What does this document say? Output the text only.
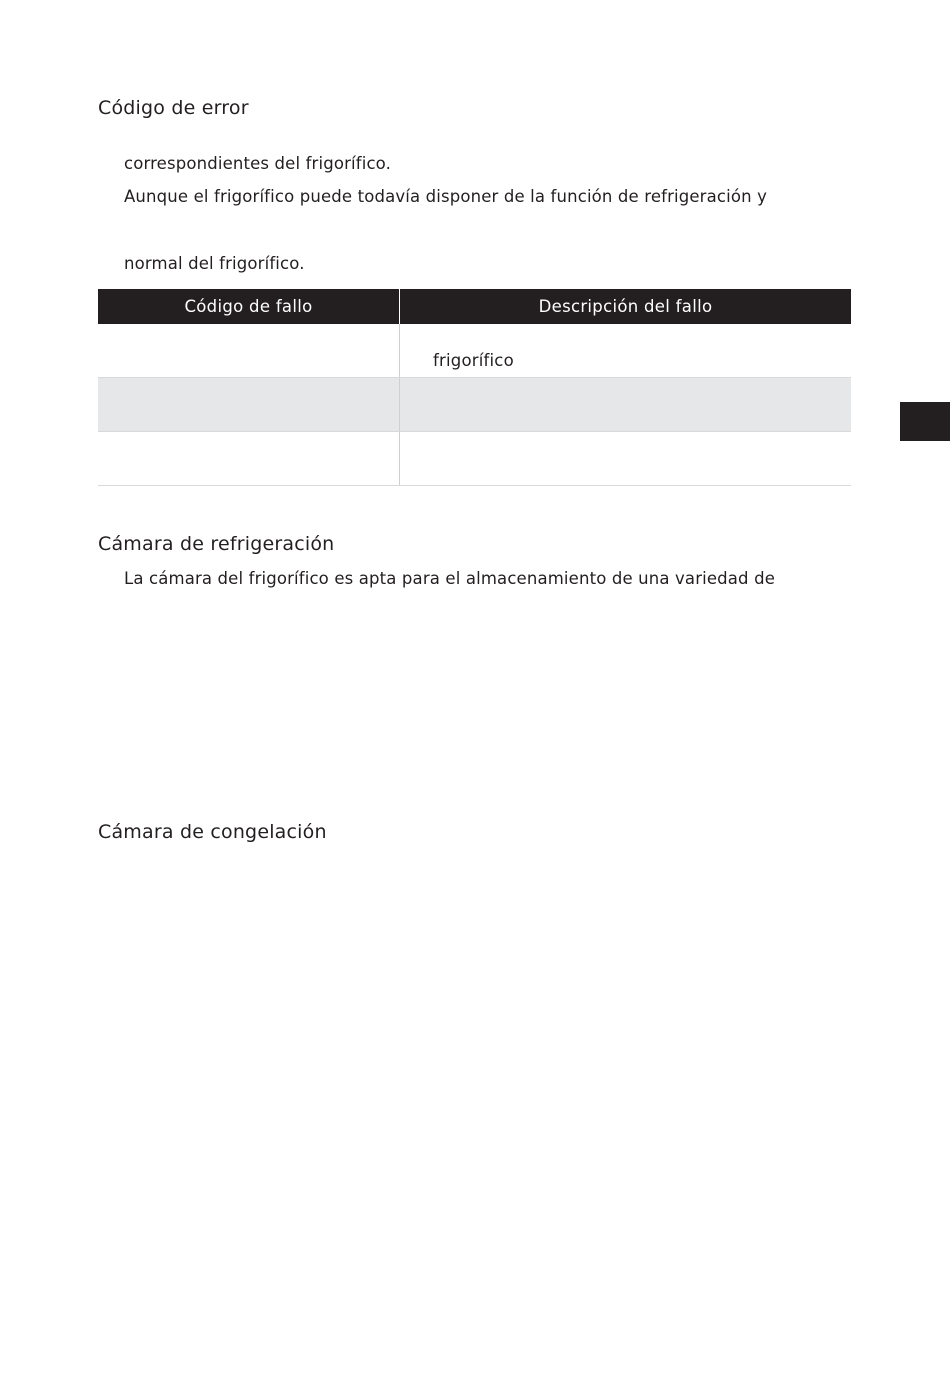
Código de error

correspondientes del frigorífico.

Aunque el frigorífico puede todavía disponer de la función de refrigeración y

normal del frigorífico.

Código de fallo	Descripción del fallo

	frigorífico

Cámara de refrigeración

La cámara del frigorífico es apta para el almacenamiento de una variedad de

Cámara de congelación
